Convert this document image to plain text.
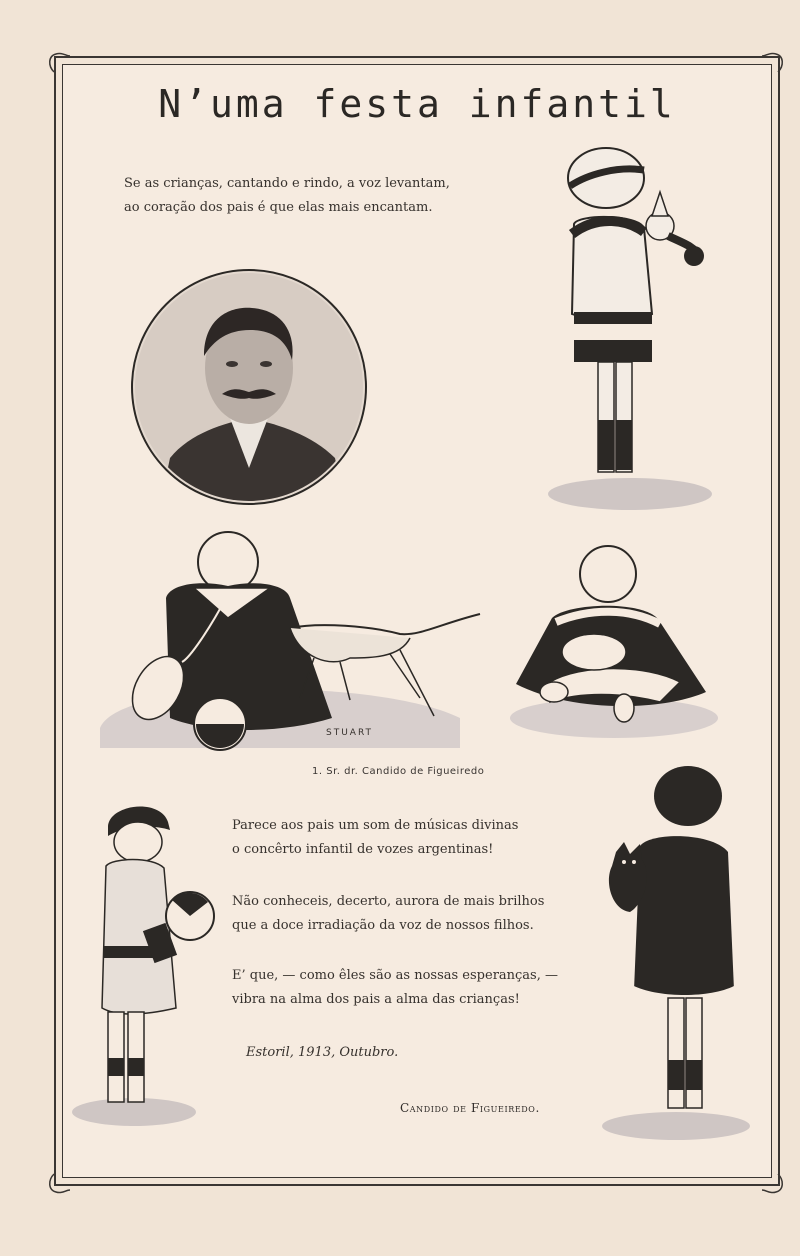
N’uma festa infantil
Se as crianças, cantando e rindo, a voz levantam,
ao coração dos pais é que elas mais encantam.
STUART
1. Sr. dr. Candido de Figueiredo
Parece aos pais um som de músicas divinas
o concêrto infantil de vozes argentinas!
Não conheceis, decerto, aurora de mais brilhos
que a doce irradiação da voz de nossos filhos.
E’ que, — como êles são as nossas esperanças, —
vibra na alma dos pais a alma das crianças!
Estoril, 1913, Outubro.
Candido de Figueiredo.
